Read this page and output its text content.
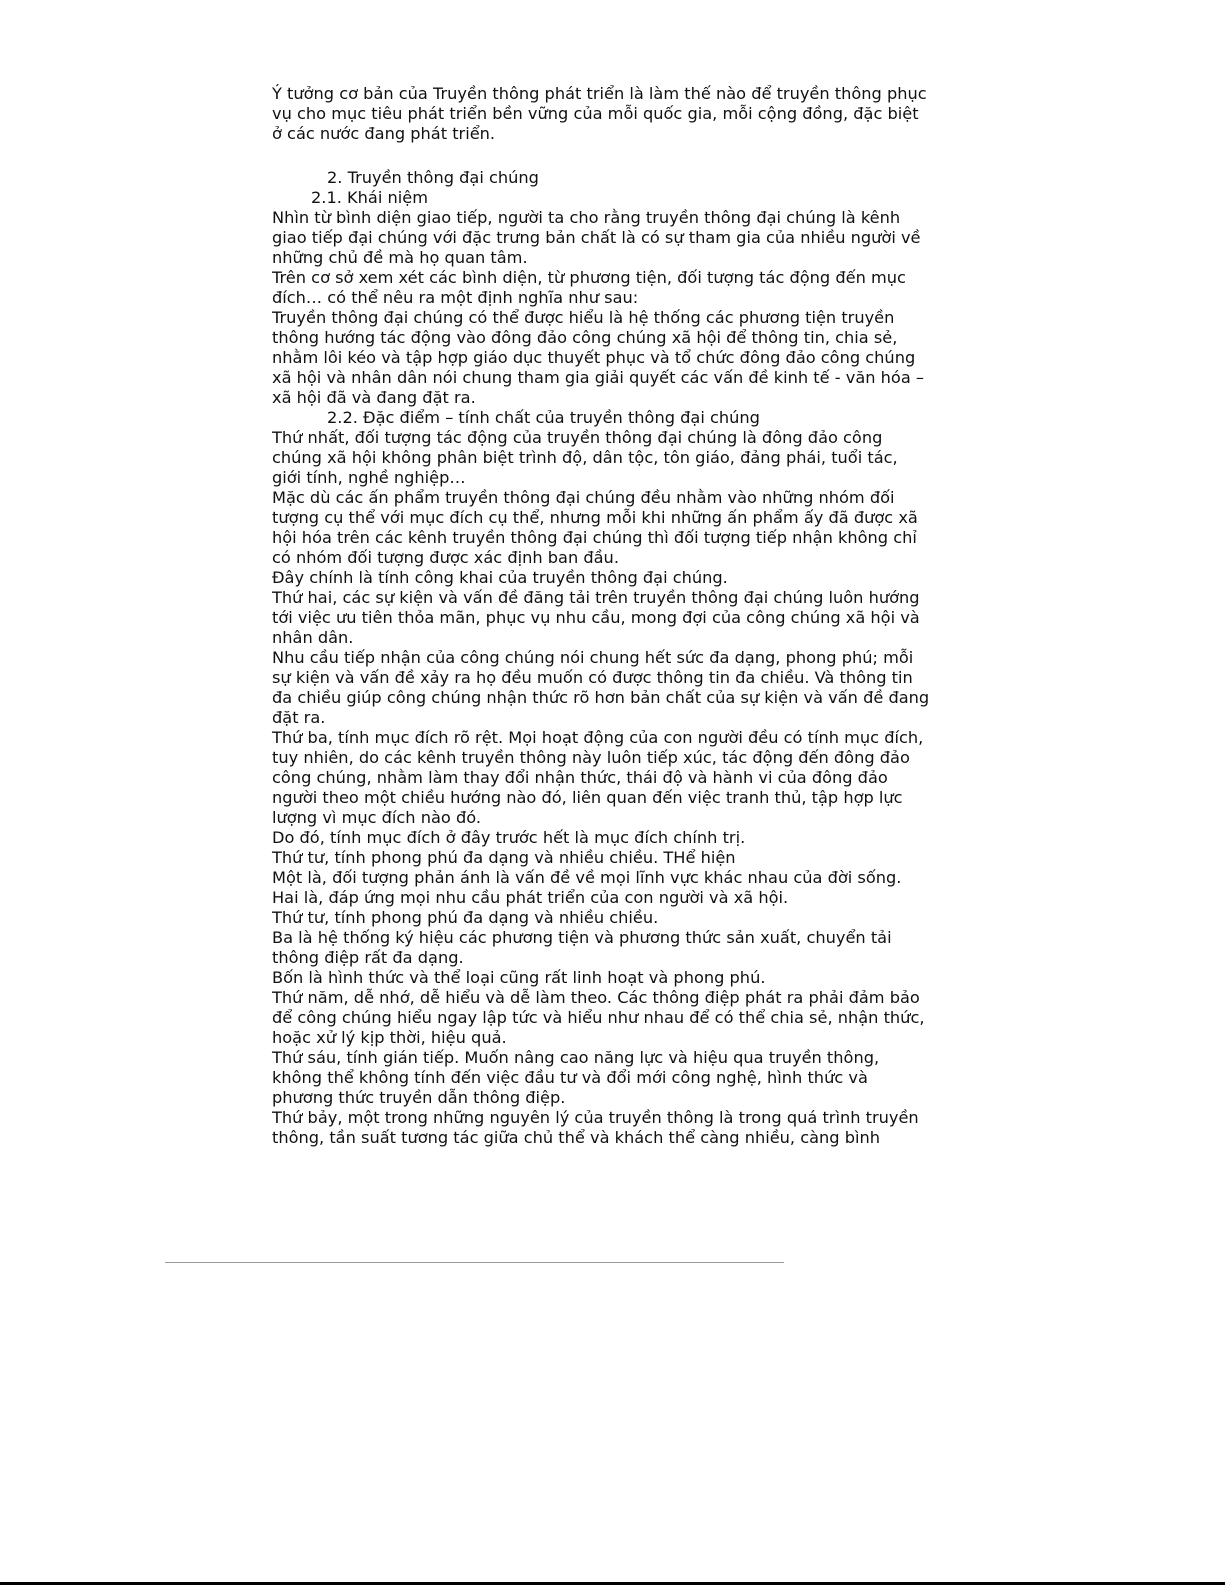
Ý tưởng cơ bản của Truyền thông phát triển là làm thế nào để truyền thông phục
vụ cho mục tiêu phát triển bền vững của mỗi quốc gia, mỗi cộng đồng, đặc biệt
ở các nước đang phát triển.
2. Truyền thông đại chúng
2.1. Khái niệm
Nhìn từ bình diện giao tiếp, người ta cho rằng truyền thông đại chúng là kênh
giao tiếp đại chúng với đặc trưng bản chất là có sự tham gia của nhiều người về
những chủ đề mà họ quan tâm.
Trên cơ sở xem xét các bình diện, từ phương tiện, đối tượng tác động đến mục
đích… có thể nêu ra một định nghĩa như sau:
Truyền thông đại chúng có thể được hiểu là hệ thống các phương tiện truyền
thông hướng tác động vào đông đảo công chúng xã hội để thông tin, chia sẻ,
nhằm lôi kéo và tập hợp giáo dục thuyết phục và tổ chức đông đảo công chúng
xã hội và nhân dân nói chung tham gia giải quyết các vấn đề kinh tế - văn hóa –
xã hội đã và đang đặt ra.
2.2. Đặc điểm – tính chất của truyền thông đại chúng
Thứ nhất, đối tượng tác động của truyền thông đại chúng là đông đảo công
chúng xã hội không phân biệt trình độ, dân tộc, tôn giáo, đảng phái, tuổi tác,
giới tính, nghề nghiệp…
Mặc dù các ấn phẩm truyền thông đại chúng đều nhằm vào những nhóm đối
tượng cụ thể với mục đích cụ thể, nhưng mỗi khi những ấn phẩm ấy đã được xã
hội hóa trên các kênh truyền thông đại chúng thì đối tượng tiếp nhận không chỉ
có nhóm đối tượng được xác định ban đầu.
Đây chính là tính công khai của truyền thông đại chúng.
Thứ hai, các sự kiện và vấn đề đăng tải trên truyền thông đại chúng luôn hướng
tới việc ưu tiên thỏa mãn, phục vụ nhu cầu, mong đợi của công chúng xã hội và
nhân dân.
Nhu cầu tiếp nhận của công chúng nói chung hết sức đa dạng, phong phú; mỗi
sự kiện và vấn đề xảy ra họ đều muốn có được thông tin đa chiều. Và thông tin
đa chiều giúp công chúng nhận thức rõ hơn bản chất của sự kiện và vấn đề đang
đặt ra.
Thứ ba, tính mục đích rõ rệt. Mọi hoạt động của con người đều có tính mục đích,
tuy nhiên, do các kênh truyền thông này luôn tiếp xúc, tác động đến đông đảo
công chúng, nhằm làm thay đổi nhận thức, thái độ và hành vi của đông đảo
người theo một chiều hướng nào đó, liên quan đến việc tranh thủ, tập hợp lực
lượng vì mục đích nào đó.
Do đó, tính mục đích ở đây trước hết là mục đích chính trị.
Thứ tư, tính phong phú đa dạng và nhiều chiều. THể hiện
Một là, đối tượng phản ánh là vấn đề về mọi lĩnh vực khác nhau của đời sống.
Hai là, đáp ứng mọi nhu cầu phát triển của con người và xã hội.
Thứ tư, tính phong phú đa dạng và nhiều chiều.
Ba là hệ thống ký hiệu các phương tiện và phương thức sản xuất, chuyển tải
thông điệp rất đa dạng.
Bốn là hình thức và thể loại cũng rất linh hoạt và phong phú.
Thứ năm, dễ nhớ, dễ hiểu và dễ làm theo. Các thông điệp phát ra phải đảm bảo
để công chúng hiểu ngay lập tức và hiểu như nhau để có thể chia sẻ, nhận thức,
hoặc xử lý kịp thời, hiệu quả.
Thứ sáu, tính gián tiếp. Muốn nâng cao năng lực và hiệu qua truyền thông,
không thể không tính đến việc đầu tư và đổi mới công nghệ, hình thức và
phương thức truyền dẫn thông điệp.
Thứ bảy, một trong những nguyên lý của truyền thông là trong quá trình truyền
thông, tần suất tương tác giữa chủ thể và khách thể càng nhiều, càng bình
